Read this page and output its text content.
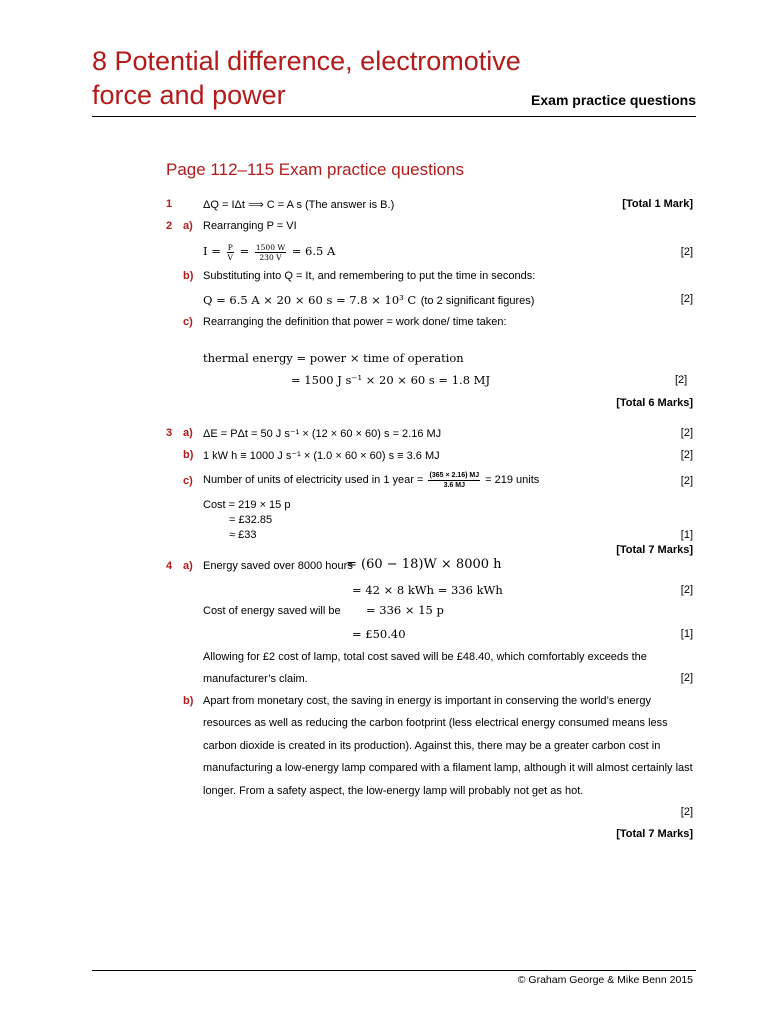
8 Potential difference, electromotive
force and power	Exam practice questions
Page 112–115 Exam practice questions
1	ΔQ = IΔt ⟹ C = A s (The answer is B.)	[Total 1 Mark]
2 a) Rearranging P = VI
$I = \frac{P}{V} = \frac{1500 W}{230 V} = 6.5$ A	[2]
b) Substituting into Q = It, and remembering to put the time in seconds:
Q = 6.5 A × 20 × 60 s = 7.8 × 10³ C (to 2 significant figures)	[2]
c) Rearranging the definition that power = work done/ time taken:
thermal energy = power × time of operation
= 1500 J s⁻¹ × 20 × 60 s = 1.8 MJ	[2]
[Total 6 Marks]
3 a) ΔE = PΔt = 50 J s⁻¹ × (12 × 60 × 60) s = 2.16 MJ	[2]
b) 1 kW h ≡ 1000 J s⁻¹ × (1.0 × 60 × 60) s ≡ 3.6 MJ	[2]
c) Number of units of electricity used in 1 year = $\frac{(365 \times 2.16) MJ}{3.6 MJ} = 219$ units	[2]
Cost = 219 × 15 p
= £32.85
≈ £33	[1]
[Total 7 Marks]
4 a) Energy saved over 8000 hours
= (60 − 18)W × 8000 h
= 42 × 8 kWh = 336 kWh	[2]
Cost of energy saved will be = 336 × 15 p
= £50.40	[1]
Allowing for £2 cost of lamp, total cost saved will be £48.40, which comfortably exceeds the manufacturer’s claim.	[2]
b) Apart from monetary cost, the saving in energy is important in conserving the world’s energy resources as well as reducing the carbon footprint (less electrical energy consumed means less carbon dioxide is created in its production). Against this, there may be a greater carbon cost in manufacturing a low-energy lamp compared with a filament lamp, although it will almost certainly last longer. From a safety aspect, the low-energy lamp will probably not get as hot.
[2]
[Total 7 Marks]
© Graham George & Mike Benn 2015
